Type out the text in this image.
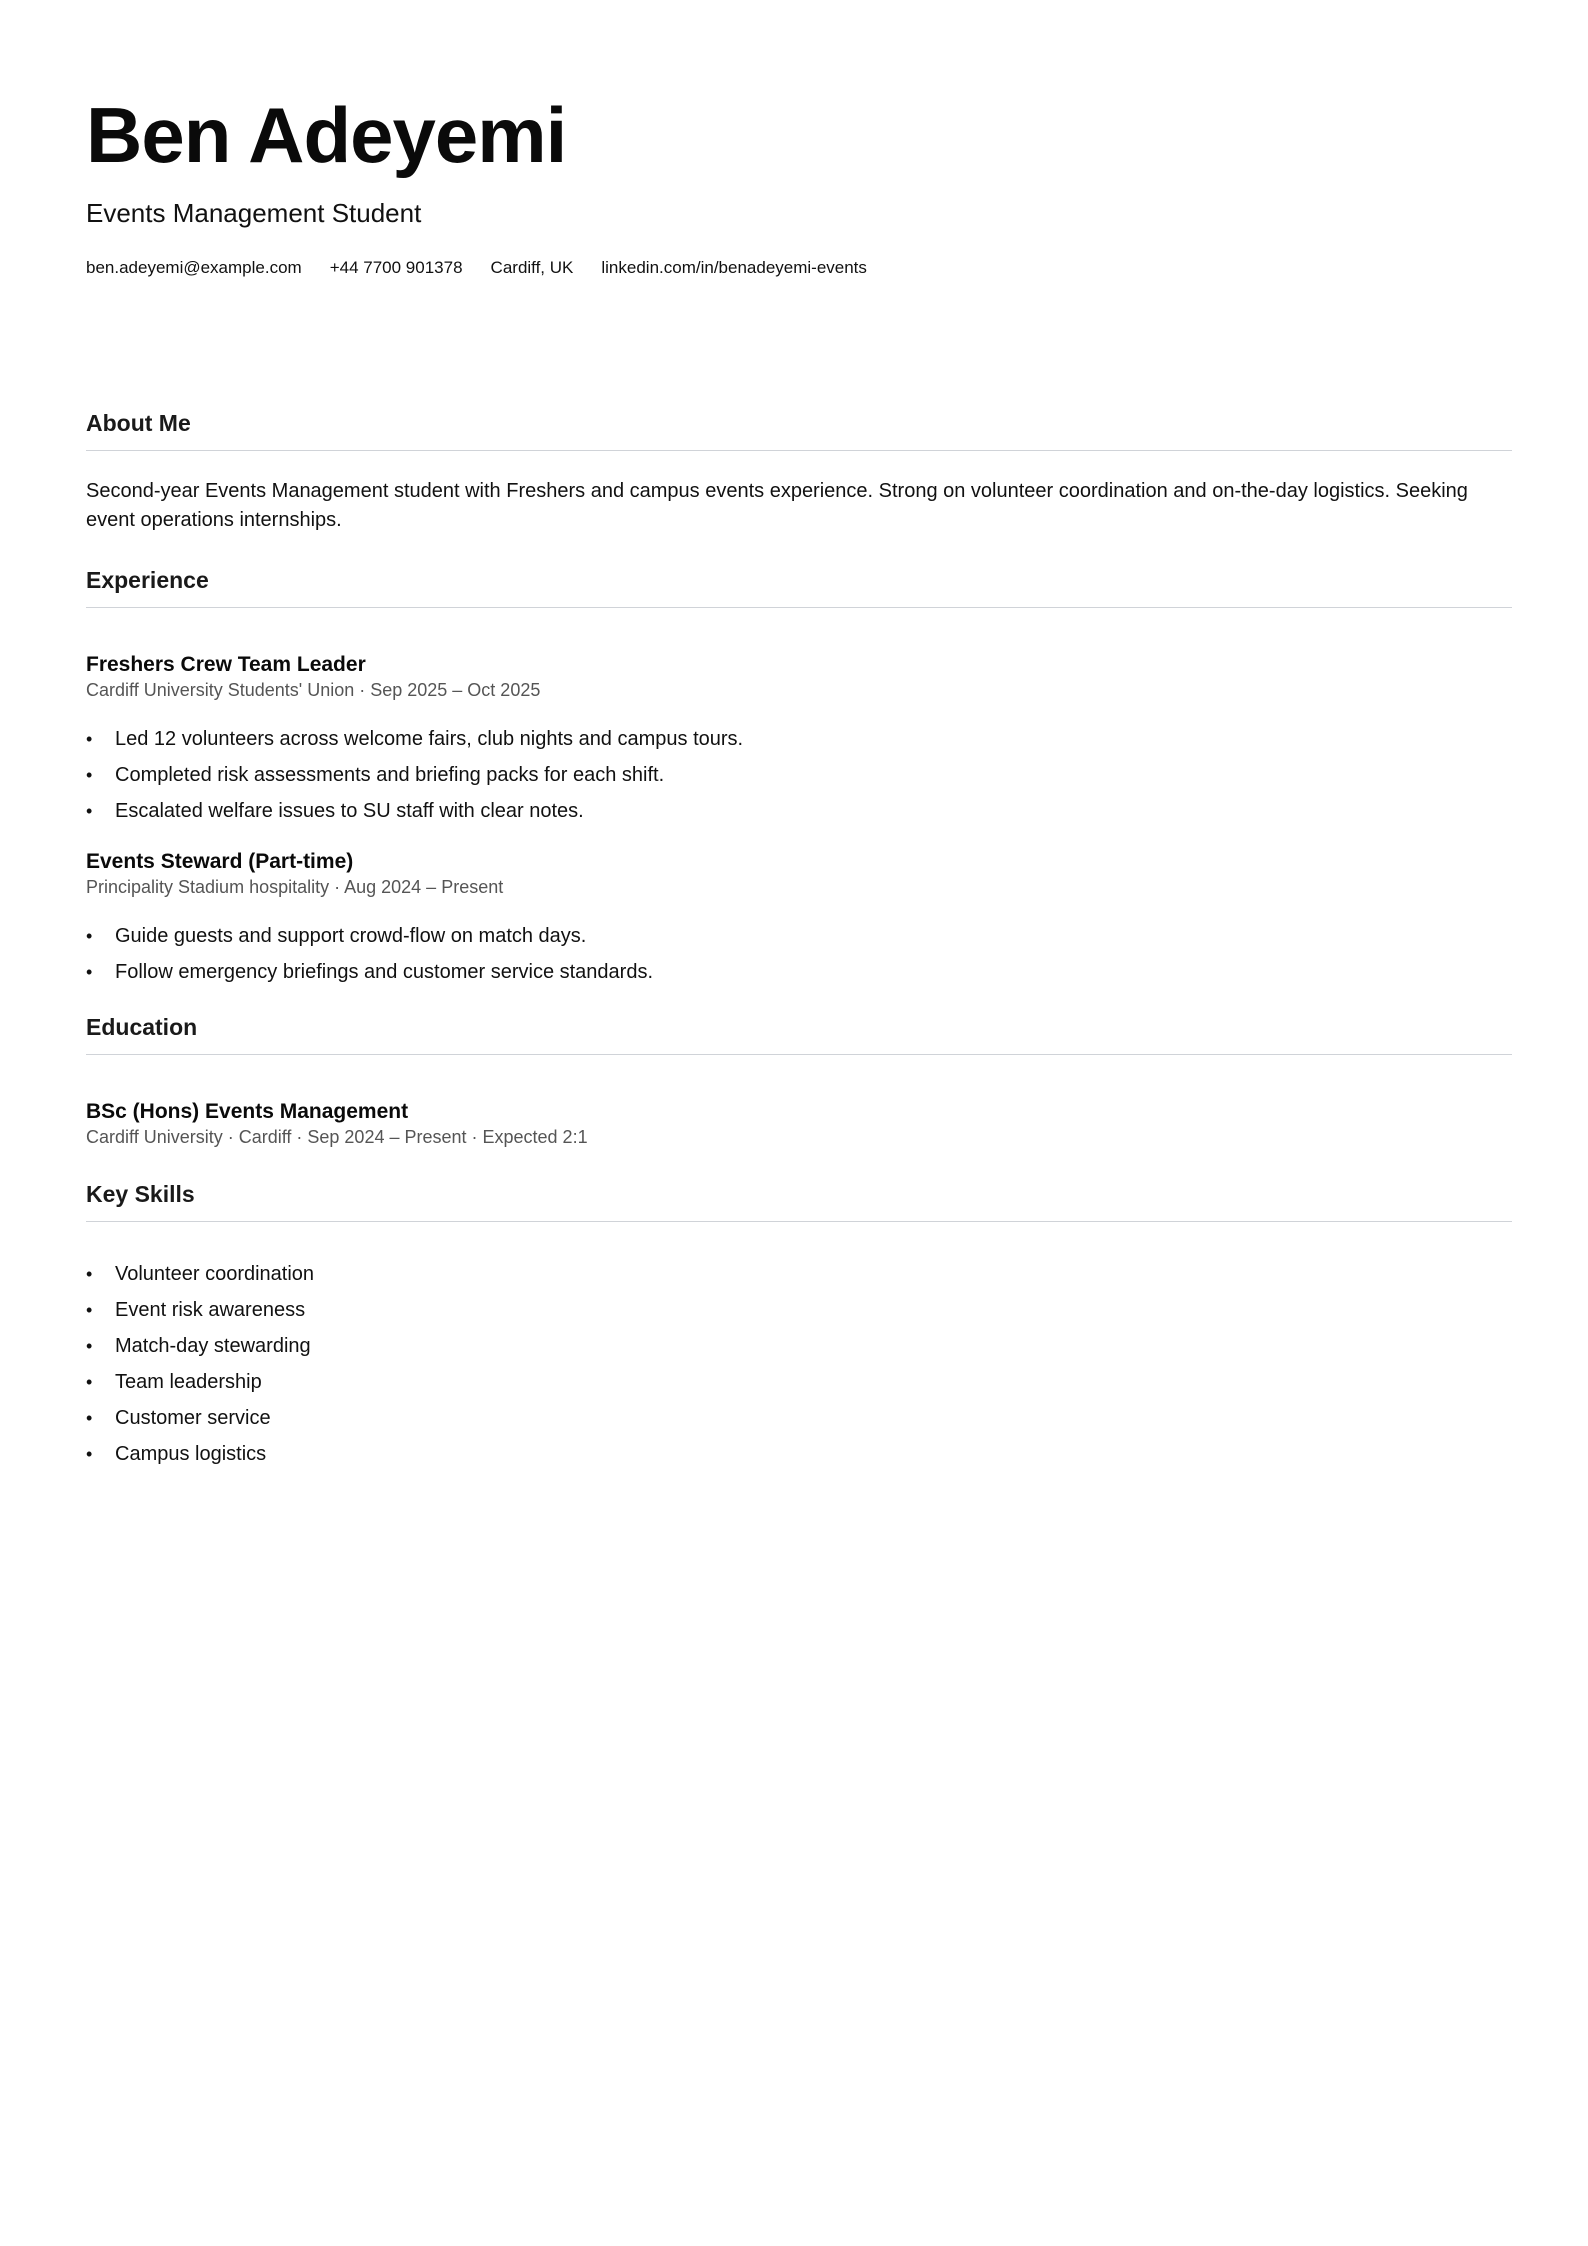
Ben Adeyemi
Events Management Student
ben.adeyemi@example.com +44 7700 901378 Cardiff, UK linkedin.com/in/benadeyemi-events
About Me

Second-year Events Management student with Freshers and campus events experience. Strong on volunteer coordination and on-the-day logistics. Seeking event operations internships.

Experience
Freshers Crew Team Leader
Cardiff University Students' Union · Sep 2025 – Oct 2025
• Led 12 volunteers across welcome fairs, club nights and campus tours.
• Completed risk assessments and briefing packs for each shift.
• Escalated welfare issues to SU staff with clear notes.
Events Steward (Part-time)
Principality Stadium hospitality · Aug 2024 – Present
• Guide guests and support crowd-flow on match days.
• Follow emergency briefings and customer service standards.
Education
BSc (Hons) Events Management
Cardiff University · Cardiff · Sep 2024 – Present · Expected 2:1
Key Skills
• Volunteer coordination
• Event risk awareness
• Match-day stewarding
• Team leadership
• Customer service
• Campus logistics
